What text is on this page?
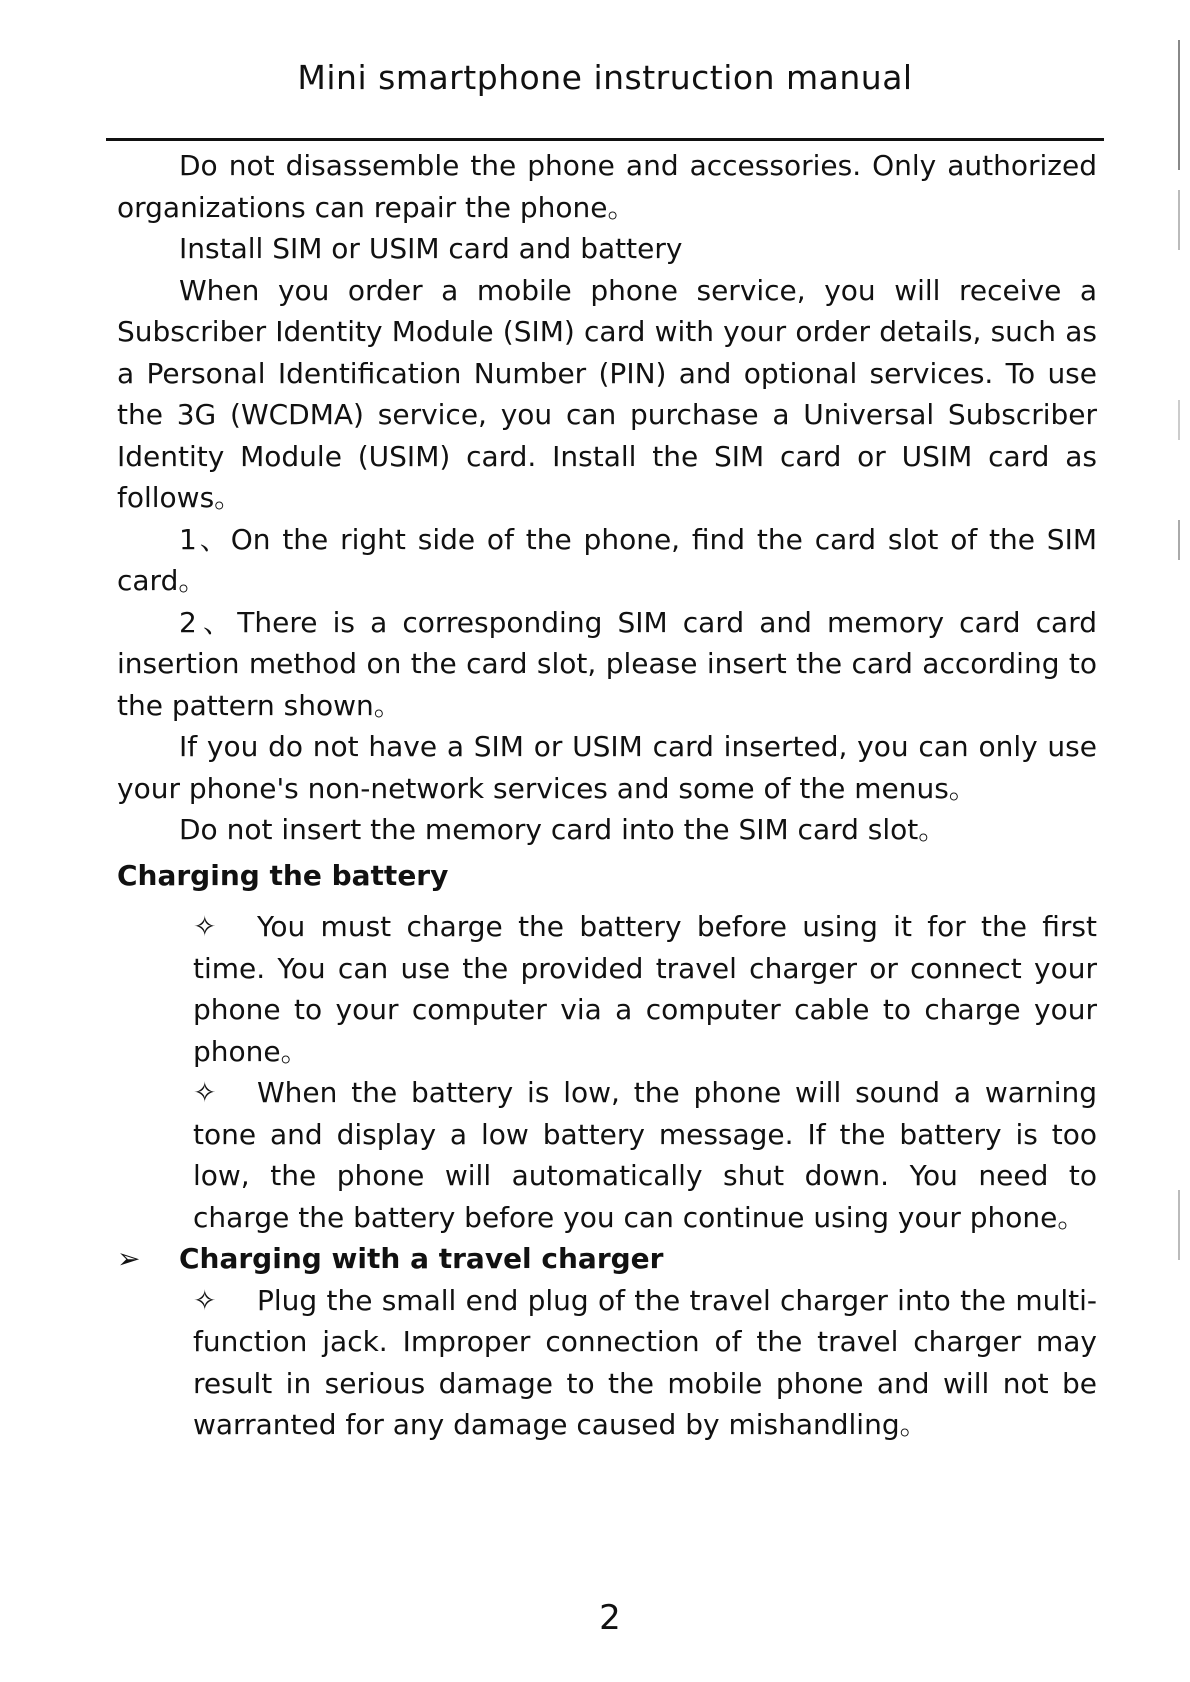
Mini smartphone instruction manual

Do not disassemble the phone and accessories. Only authorized organizations can repair the phone。

Install SIM or USIM card and battery

When you order a mobile phone service, you will receive a Subscriber Identity Module (SIM) card with your order details, such as a Personal Identification Number (PIN) and optional services. To use the 3G (WCDMA) service, you can purchase a Universal Subscriber Identity Module (USIM) card. Install the SIM card or USIM card as follows。

1、On the right side of the phone, find the card slot of the SIM card。

2、There is a corresponding SIM card and memory card card insertion method on the card slot, please insert the card according to the pattern shown。

If you do not have a SIM or USIM card inserted, you can only use your phone's non-network services and some of the menus。

Do not insert the memory card into the SIM card slot。

Charging the battery

✧ You must charge the battery before using it for the first time. You can use the provided travel charger or connect your phone to your computer via a computer cable to charge your phone。

✧ When the battery is low, the phone will sound a warning tone and display a low battery message. If the battery is too low, the phone will automatically shut down. You need to charge the battery before you can continue using your phone。

➢ Charging with a travel charger

✧ Plug the small end plug of the travel charger into the multi-function jack. Improper connection of the travel charger may result in serious damage to the mobile phone and will not be warranted for any damage caused by mishandling。

2
